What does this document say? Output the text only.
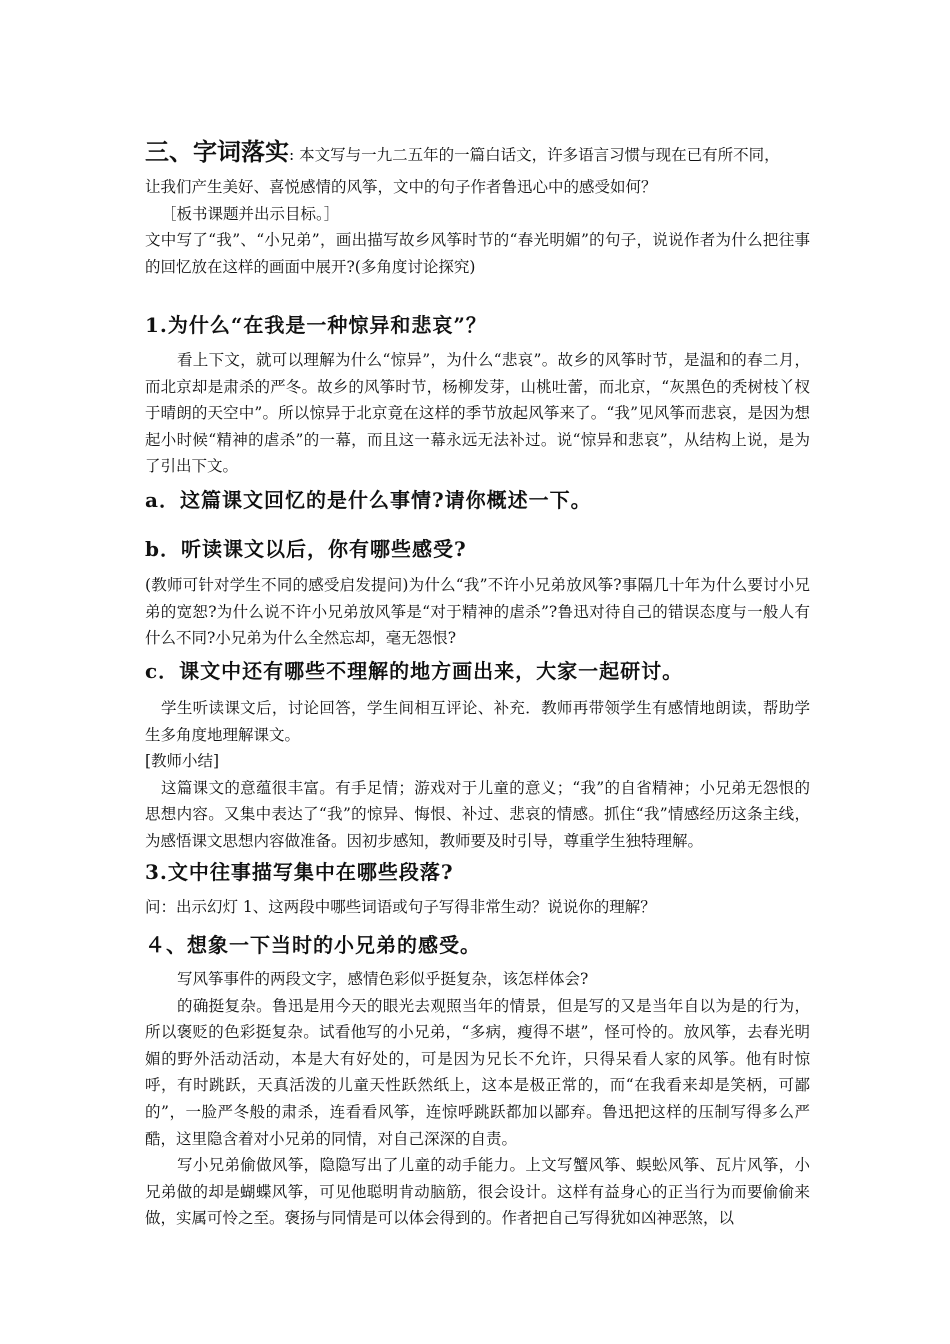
三、字词落实: 本文写与一九二五年的一篇白话文，许多语言习惯与现在已有所不同，

让我们产生美好、喜悦感情的风筝，文中的句子作者鲁迅心中的感受如何？

［板书课题并出示目标。］

文中写了“我”、“小兄弟”，画出描写故乡风筝时节的“春光明媚”的句子，说说作者为什么把往事的回忆放在这样的画面中展开?(多角度讨论探究)

1.为什么“在我是一种惊异和悲哀”？

看上下文，就可以理解为什么“惊异”，为什么“悲哀”。故乡的风筝时节，是温和的春二月，而北京却是肃杀的严冬。故乡的风筝时节，杨柳发芽，山桃吐蕾，而北京，“灰黑色的秃树枝丫杈于晴朗的天空中”。所以惊异于北京竟在这样的季节放起风筝来了。“我”见风筝而悲哀，是因为想起小时候“精神的虐杀”的一幕，而且这一幕永远无法补过。说“惊异和悲哀”，从结构上说，是为了引出下文。

a．这篇课文回忆的是什么事情?请你概述一下。
b．听读课文以后，你有哪些感受?

(教师可针对学生不同的感受启发提问)为什么“我”不许小兄弟放风筝?事隔几十年为什么要讨小兄弟的宽恕?为什么说不许小兄弟放风筝是“对于精神的虐杀”?鲁迅对待自己的错误态度与一般人有什么不同?小兄弟为什么全然忘却，毫无怨恨?

c．课文中还有哪些不理解的地方画出来，大家一起研讨。

学生听读课文后，讨论回答，学生间相互评论、补充．教师再带领学生有感情地朗读，帮助学生多角度地理解课文。

[教师小结]

这篇课文的意蕴很丰富。有手足情；游戏对于儿童的意义；“我”的自省精神；小兄弟无怨恨的思想内容。又集中表达了“我”的惊异、悔恨、补过、悲哀的情感。抓住“我”情感经历这条主线，为感悟课文思想内容做准备。因初步感知，教师要及时引导，尊重学生独特理解。

3.文中往事描写集中在哪些段落?

问：出示幻灯 1、这两段中哪些词语或句子写得非常生动？说说你的理解？

４、想象一下当时的小兄弟的感受。

写风筝事件的两段文字，感情色彩似乎挺复杂，该怎样体会?

的确挺复杂。鲁迅是用今天的眼光去观照当年的情景，但是写的又是当年自以为是的行为，所以褒贬的色彩挺复杂。试看他写的小兄弟，“多病，瘦得不堪”，怪可怜的。放风筝，去春光明媚的野外活动活动，本是大有好处的，可是因为兄长不允许，只得呆看人家的风筝。他有时惊呼，有时跳跃，天真活泼的儿童天性跃然纸上，这本是极正常的，而“在我看来却是笑柄，可鄙的”，一脸严冬般的肃杀，连看看风筝，连惊呼跳跃都加以鄙弃。鲁迅把这样的压制写得多么严酷，这里隐含着对小兄弟的同情，对自己深深的自责。

写小兄弟偷做风筝，隐隐写出了儿童的动手能力。上文写蟹风筝、蜈蚣风筝、瓦片风筝，小兄弟做的却是蝴蝶风筝，可见他聪明肯动脑筋，很会设计。这样有益身心的正当行为而要偷偷来做，实属可怜之至。褒扬与同情是可以体会得到的。作者把自己写得犹如凶神恶煞，以
